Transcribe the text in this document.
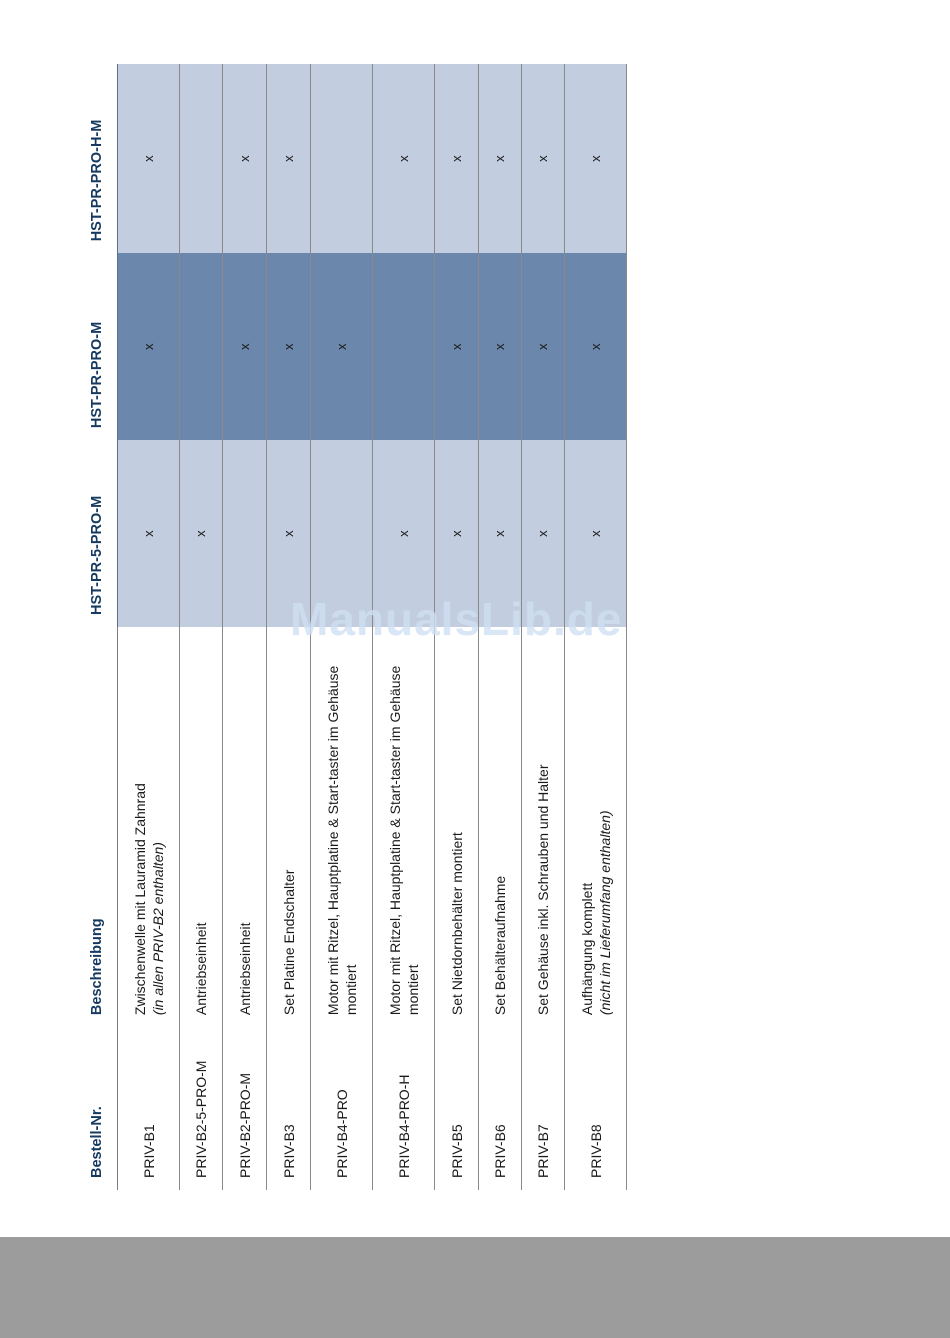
Bestell-Nr.	Beschreibung	HST-PR-5-PRO-M	HST-PR-PRO-M	HST-PR-PRO-H-M
PRIV-B1	Zwischenwelle mit Lauramid Zahnrad (in allen PRIV-B2 enthalten)	x	x	x
PRIV-B2-5-PRO-M	Antriebseinheit	x		
PRIV-B2-PRO-M	Antriebseinheit		x	x
PRIV-B3	Set Platine Endschalter	x	x	x
PRIV-B4-PRO	Motor mit Ritzel, Hauptplatine & Start-taster im Gehäuse montiert		x	
PRIV-B4-PRO-H	Motor mit Ritzel, Hauptplatine & Start-taster im Gehäuse montiert	x		x
PRIV-B5	Set Nietdornbehälter montiert	x	x	x
PRIV-B6	Set Behälteraufnahme	x	x	x
PRIV-B7	Set Gehäuse inkl. Schrauben und Halter	x	x	x
PRIV-B8	Aufhängung komplett (nicht im Lieferumfang enthalten)	x	x	x
ManualsLib.de
